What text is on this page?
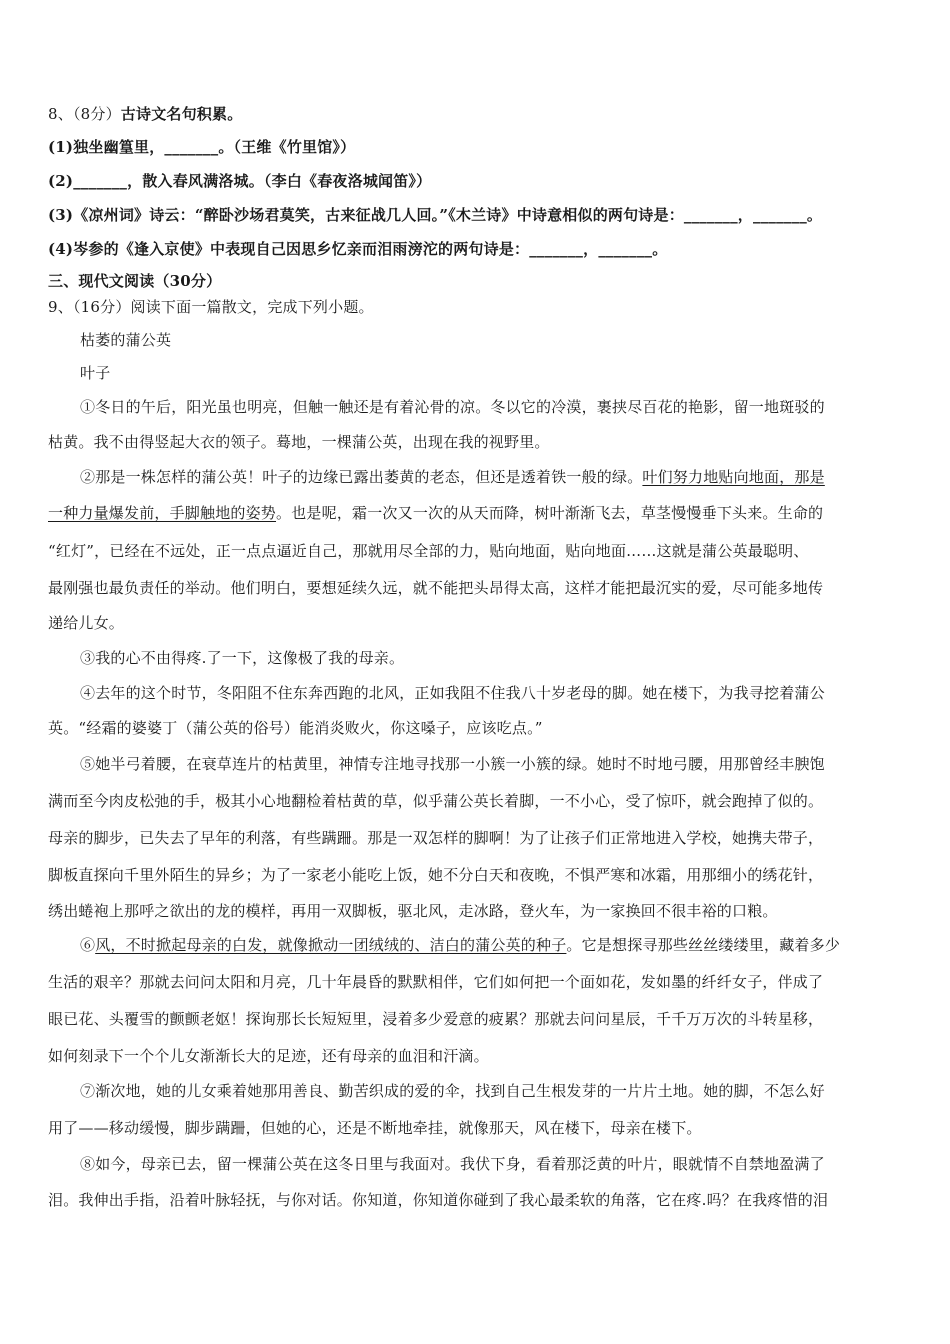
8、（8分）古诗文名句积累。
(1)独坐幽篁里，_______。（王维《竹里馆》）
(2)_______，散入春风满洛城。（李白《春夜洛城闻笛》）
(3)《凉州词》诗云：“醉卧沙场君莫笑，古来征战几人回。”《木兰诗》中诗意相似的两句诗是：_______，_______。
(4)岑参的《逢入京使》中表现自己因思乡忆亲而泪雨滂沱的两句诗是：_______，_______。
三、现代文阅读（30分）
9、（16分）阅读下面一篇散文，完成下列小题。
枯萎的蒲公英
叶子
①冬日的午后，阳光虽也明亮，但触一触还是有着沁骨的凉。冬以它的冷漠，裹挟尽百花的艳影，留一地斑驳的
枯黄。我不由得竖起大衣的领子。蓦地，一棵蒲公英，出现在我的视野里。
②那是一株怎样的蒲公英！叶子的边缘已露出萎黄的老态，但还是透着铁一般的绿。叶们努力地贴向地面，那是
一种力量爆发前，手脚触地的姿势。也是呢，霜一次又一次的从天而降，树叶渐渐飞去，草茎慢慢垂下头来。生命的
“红灯”，已经在不远处，正一点点逼近自己，那就用尽全部的力，贴向地面，贴向地面……这就是蒲公英最聪明、
最刚强也最负责任的举动。他们明白，要想延续久远，就不能把头昂得太高，这样才能把最沉实的爱，尽可能多地传
递给儿女。
③我的心不由得疼.了一下，这像极了我的母亲。
④去年的这个时节，冬阳阻不住东奔西跑的北风，正如我阻不住我八十岁老母的脚。她在楼下，为我寻挖着蒲公
英。“经霜的婆婆丁（蒲公英的俗号）能消炎败火，你这嗓子，应该吃点。”
⑤她半弓着腰，在衰草连片的枯黄里，神情专注地寻找那一小簇一小簇的绿。她时不时地弓腰，用那曾经丰腴饱
满而至今肉皮松弛的手，极其小心地翻检着枯黄的草，似乎蒲公英长着脚，一不小心，受了惊吓，就会跑掉了似的。
母亲的脚步，已失去了早年的利落，有些蹒跚。那是一双怎样的脚啊！为了让孩子们正常地进入学校，她携夫带子，
脚板直探向千里外陌生的异乡；为了一家老小能吃上饭，她不分白天和夜晚，不惧严寒和冰霜，用那细小的绣花针，
绣出蜷袍上那呼之欲出的龙的模样，再用一双脚板，驱北风，走冰路，登火车，为一家换回不很丰裕的口粮。
⑥风，不时掀起母亲的白发，就像掀动一团绒绒的、洁白的蒲公英的种子。它是想探寻那些丝丝缕缕里，藏着多少
生活的艰辛？那就去问问太阳和月亮，几十年晨昏的默默相伴，它们如何把一个面如花，发如墨的纤纤女子，伴成了
眼已花、头覆雪的颤颤老妪！探询那长长短短里，浸着多少爱意的疲累？那就去问问星辰，千千万万次的斗转星移，
如何刻录下一个个儿女渐渐长大的足迹，还有母亲的血泪和汗滴。
⑦渐次地，她的儿女乘着她那用善良、勤苦织成的爱的伞，找到自己生根发芽的一片片土地。她的脚，不怎么好
用了——移动缓慢，脚步蹒跚，但她的心，还是不断地牵挂，就像那天，风在楼下，母亲在楼下。
⑧如今，母亲已去，留一棵蒲公英在这冬日里与我面对。我伏下身，看着那泛黄的叶片，眼就情不自禁地盈满了
泪。我伸出手指，沿着叶脉轻抚，与你对话。你知道，你知道你碰到了我心最柔软的角落，它在疼.吗？在我疼惜的泪
